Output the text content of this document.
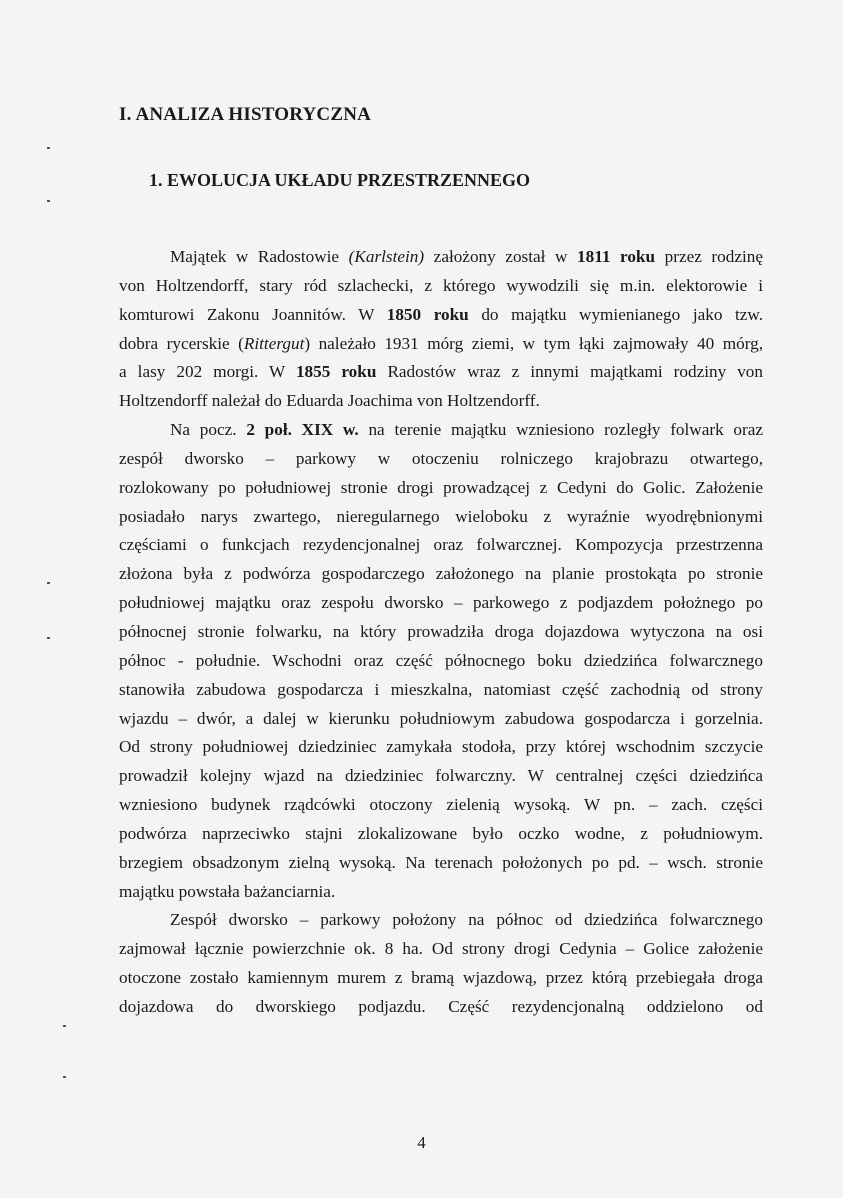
I. ANALIZA HISTORYCZNA
1. EWOLUCJA UKŁADU PRZESTRZENNEGO
Majątek w Radostowie (Karlstein) założony został w 1811 roku przez rodzinę
von Holtzendorff, stary ród szlachecki, z którego wywodzili się m.in. elektorowie i
komturowi Zakonu Joannitów. W 1850 roku do majątku wymienianego jako tzw.
dobra rycerskie (Rittergut) należało 1931 mórg ziemi, w tym łąki zajmowały 40 mórg,
a lasy 202 morgi. W 1855 roku Radostów wraz z innymi majątkami rodziny von
Holtzendorff należał do Eduarda Joachima von Holtzendorff.
Na pocz. 2 poł. XIX w. na terenie majątku wzniesiono rozległy folwark oraz
zespół dworsko – parkowy w otoczeniu rolniczego krajobrazu otwartego,
rozlokowany po południowej stronie drogi prowadzącej z Cedyni do Golic. Założenie
posiadało narys zwartego, nieregularnego wieloboku z wyraźnie wyodrębnionymi
częściami o funkcjach rezydencjonalnej oraz folwarcznej. Kompozycja przestrzenna
złożona była z podwórza gospodarczego założonego na planie prostokąta po stronie
południowej majątku oraz zespołu dworsko – parkowego z podjazdem położnego po
północnej stronie folwarku, na który prowadziła droga dojazdowa wytyczona na osi
północ - południe. Wschodni oraz część północnego boku dziedzińca folwarcznego
stanowiła zabudowa gospodarcza i mieszkalna, natomiast część zachodnią od strony
wjazdu – dwór, a dalej w kierunku południowym zabudowa gospodarcza i gorzelnia.
Od strony południowej dziedziniec zamykała stodoła, przy której wschodnim szczycie
prowadził kolejny wjazd na dziedziniec folwarczny. W centralnej części dziedzińca
wzniesiono budynek rządcówki otoczony zielenią wysoką. W pn. – zach. części
podwórza naprzeciwko stajni zlokalizowane było oczko wodne, z południowym.
brzegiem obsadzonym zielną wysoką. Na terenach położonych po pd. – wsch. stronie
majątku powstała bażanciarnia.
Zespół dworsko – parkowy położony na północ od dziedzińca folwarcznego
zajmował łącznie powierzchnie ok. 8 ha. Od strony drogi Cedynia – Golice założenie
otoczone zostało kamiennym murem z bramą wjazdową, przez którą przebiegała droga
dojazdowa do dworskiego podjazdu. Część rezydencjonalną oddzielono od
4
